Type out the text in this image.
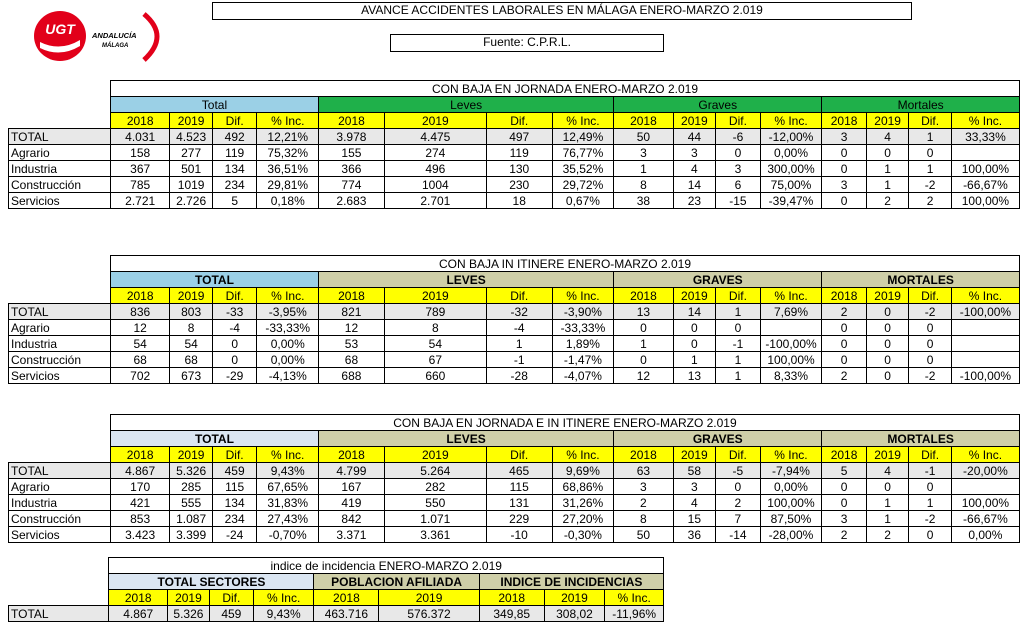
UGT ANDALUCÍA
MÁLAGA
AVANCE ACCIDENTES LABORALES EN MÁLAGA ENERO-MARZO 2.019
Fuente: C.P.R.L.
	CON BAJA EN JORNADA ENERO-MARZO 2.019															
	Total				Leves				Graves				Mortales			
	2018	2019	Dif.	% Inc.	2018	2019	Dif.	% Inc.	2018	2019	Dif.	% Inc.	2018	2019	Dif.	% Inc.
TOTAL	4.031	4.523	492	12,21%	3.978	4.475	497	12,49%	50	44	-6	-12,00%	3	4	1	33,33%
Agrario	158	277	119	75,32%	155	274	119	76,77%	3	3	0	0,00%	0	0	0	
Industria	367	501	134	36,51%	366	496	130	35,52%	1	4	3	300,00%	0	1	1	100,00%
Construcción	785	1019	234	29,81%	774	1004	230	29,72%	8	14	6	75,00%	3	1	-2	-66,67%
Servicios	2.721	2.726	5	0,18%	2.683	2.701	18	0,67%	38	23	-15	-39,47%	0	2	2	100,00%
	CON BAJA IN ITINERE ENERO-MARZO 2.019															
	TOTAL				LEVES				GRAVES				MORTALES			
	2018	2019	Dif.	% Inc.	2018	2019	Dif.	% Inc.	2018	2019	Dif.	% Inc.	2018	2019	Dif.	% Inc.
TOTAL	836	803	-33	-3,95%	821	789	-32	-3,90%	13	14	1	7,69%	2	0	-2	-100,00%
Agrario	12	8	-4	-33,33%	12	8	-4	-33,33%	0	0	0		0	0	0	
Industria	54	54	0	0,00%	53	54	1	1,89%	1	0	-1	-100,00%	0	0	0	
Construcción	68	68	0	0,00%	68	67	-1	-1,47%	0	1	1	100,00%	0	0	0	
Servicios	702	673	-29	-4,13%	688	660	-28	-4,07%	12	13	1	8,33%	2	0	-2	-100,00%
	CON BAJA EN JORNADA E IN ITINERE ENERO-MARZO 2.019															
	TOTAL				LEVES				GRAVES				MORTALES			
	2018	2019	Dif.	% Inc.	2018	2019	Dif.	% Inc.	2018	2019	Dif.	% Inc.	2018	2019	Dif.	% Inc.
TOTAL	4.867	5.326	459	9,43%	4.799	5.264	465	9,69%	63	58	-5	-7,94%	5	4	-1	-20,00%
Agrario	170	285	115	67,65%	167	282	115	68,86%	3	3	0	0,00%	0	0	0	
Industria	421	555	134	31,83%	419	550	131	31,26%	2	4	2	100,00%	0	1	1	100,00%
Construcción	853	1.087	234	27,43%	842	1.071	229	27,20%	8	15	7	87,50%	3	1	-2	-66,67%
Servicios	3.423	3.399	-24	-0,70%	3.371	3.361	-10	-0,30%	50	36	-14	-28,00%	2	2	0	0,00%
	indice de incidencia ENERO-MARZO 2.019								
	TOTAL SECTORES				POBLACION AFILIADA		INDICE DE INCIDENCIAS		
	2018	2019	Dif.	% Inc.	2018	2019	2018	2019	% Inc.
TOTAL	4.867	5.326	459	9,43%	463.716	576.372	349,85	308,02	-11,96%
